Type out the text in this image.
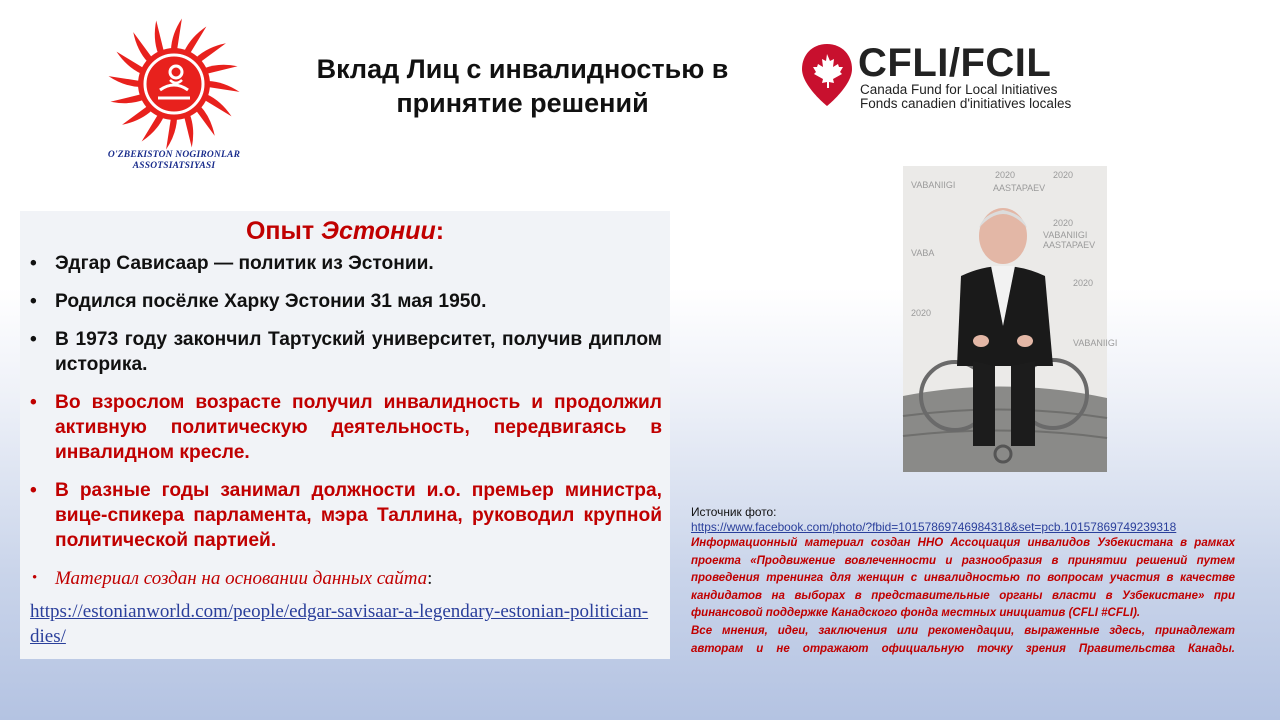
O'ZBEKISTON NOGIRONLAR
ASSOTSIATSIYASI
Вклад Лиц с инвалидностью в принятие решений
CFLI/FCIL
Canada Fund for Local Initiatives
Fonds canadien d'initiatives locales
Опыт Эстонии:
• Эдгар Сависаар — политик из Эстонии.
• Родился посёлке Харку Эстонии 31 мая 1950.
• В 1973 году закончил Тартуский университет, получив диплом историка.
• Во взрослом возрасте получил инвалидность и продолжил активную политическую деятельность, передвигаясь в инвалидном кресле.
• В разные годы занимал должности и.о. премьер министра, вице-спикера парламента, мэра Таллина, руководил крупной политической партией.
• Материал создан на основании данных сайта:
https://estonianworld.com/people/edgar-savisaar-a-legendary-estonian-politician-dies/
2020	2020
VABANIIGI	AASTAPAEV
2020
VABANIIGI
AASTAPAEV
2020
VABA
2020
VABANIIGI
Источник фото:
https://www.facebook.com/photo/?fbid=10157869746984318&set=pcb.10157869749239318
Информационный материал создан ННО Ассоциация инвалидов Узбекистана в рамках проекта «Продвижение вовлеченности и разнообразия в принятии решений путем проведения тренинга для женщин с инвалидностью по вопросам участия в качестве кандидатов на выборах в представительные органы власти в Узбекистане» при финансовой поддержке Канадского фонда местных инициатив (CFLI #CFLI).
Все мнения, идеи, заключения или рекомендации, выраженные здесь, принадлежат авторам и не отражают официальную точку зрения Правительства Канады.
